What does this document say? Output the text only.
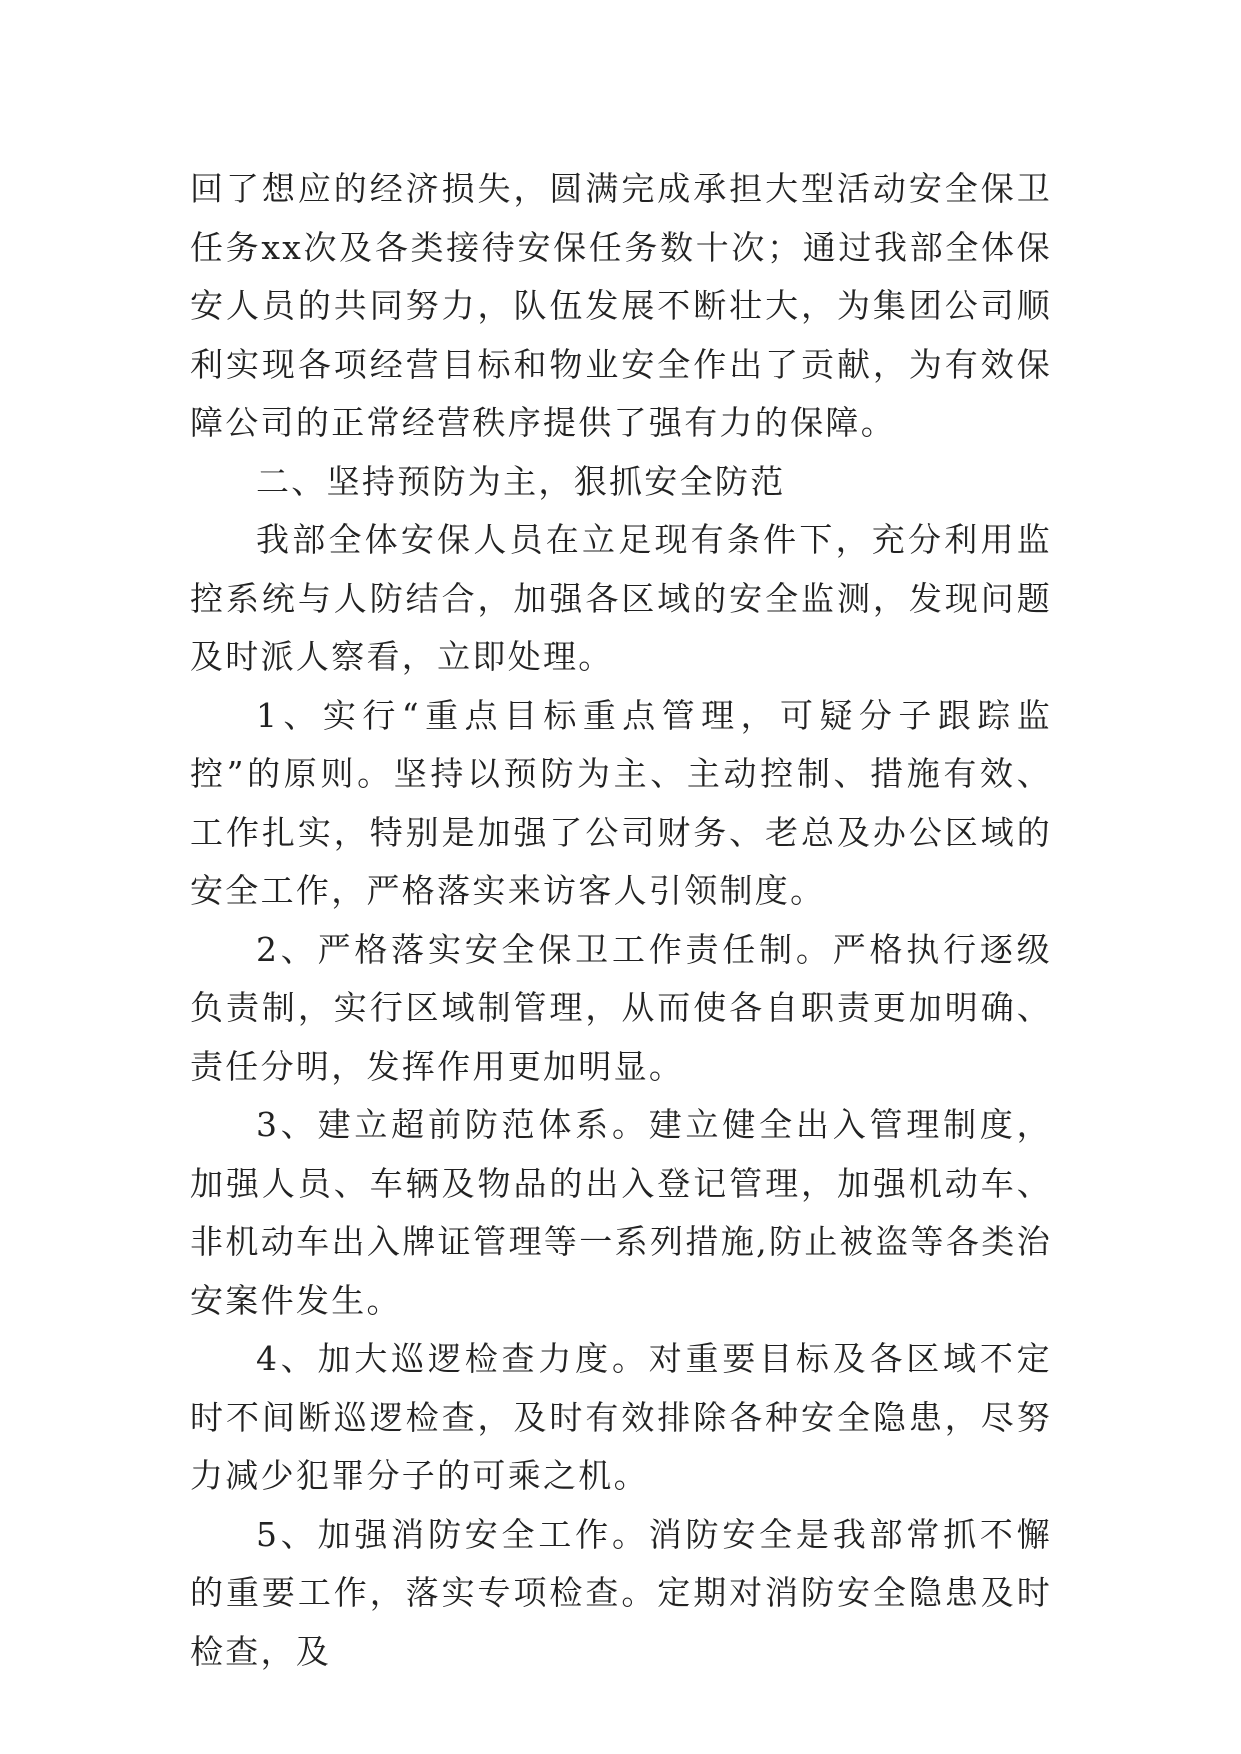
回了想应的经济损失，圆满完成承担大型活动安全保卫任务xx次及各类接待安保任务数十次；通过我部全体保安人员的共同努力，队伍发展不断壮大，为集团公司顺利实现各项经营目标和物业安全作出了贡献，为有效保障公司的正常经营秩序提供了强有力的保障。

二、坚持预防为主，狠抓安全防范

我部全体安保人员在立足现有条件下，充分利用监控系统与人防结合，加强各区域的安全监测，发现问题及时派人察看，立即处理。

1、实行“重点目标重点管理，可疑分子跟踪监控”的原则。坚持以预防为主、主动控制、措施有效、工作扎实，特别是加强了公司财务、老总及办公区域的安全工作，严格落实来访客人引领制度。

2、严格落实安全保卫工作责任制。严格执行逐级负责制，实行区域制管理，从而使各自职责更加明确、责任分明，发挥作用更加明显。

3、建立超前防范体系。建立健全出入管理制度，加强人员、车辆及物品的出入登记管理，加强机动车、非机动车出入牌证管理等一系列措施,防止被盗等各类治安案件发生。

4、加大巡逻检查力度。对重要目标及各区域不定时不间断巡逻检查，及时有效排除各种安全隐患，尽努力减少犯罪分子的可乘之机。

5、加强消防安全工作。消防安全是我部常抓不懈的重要工作，落实专项检查。定期对消防安全隐患及时检查，及
